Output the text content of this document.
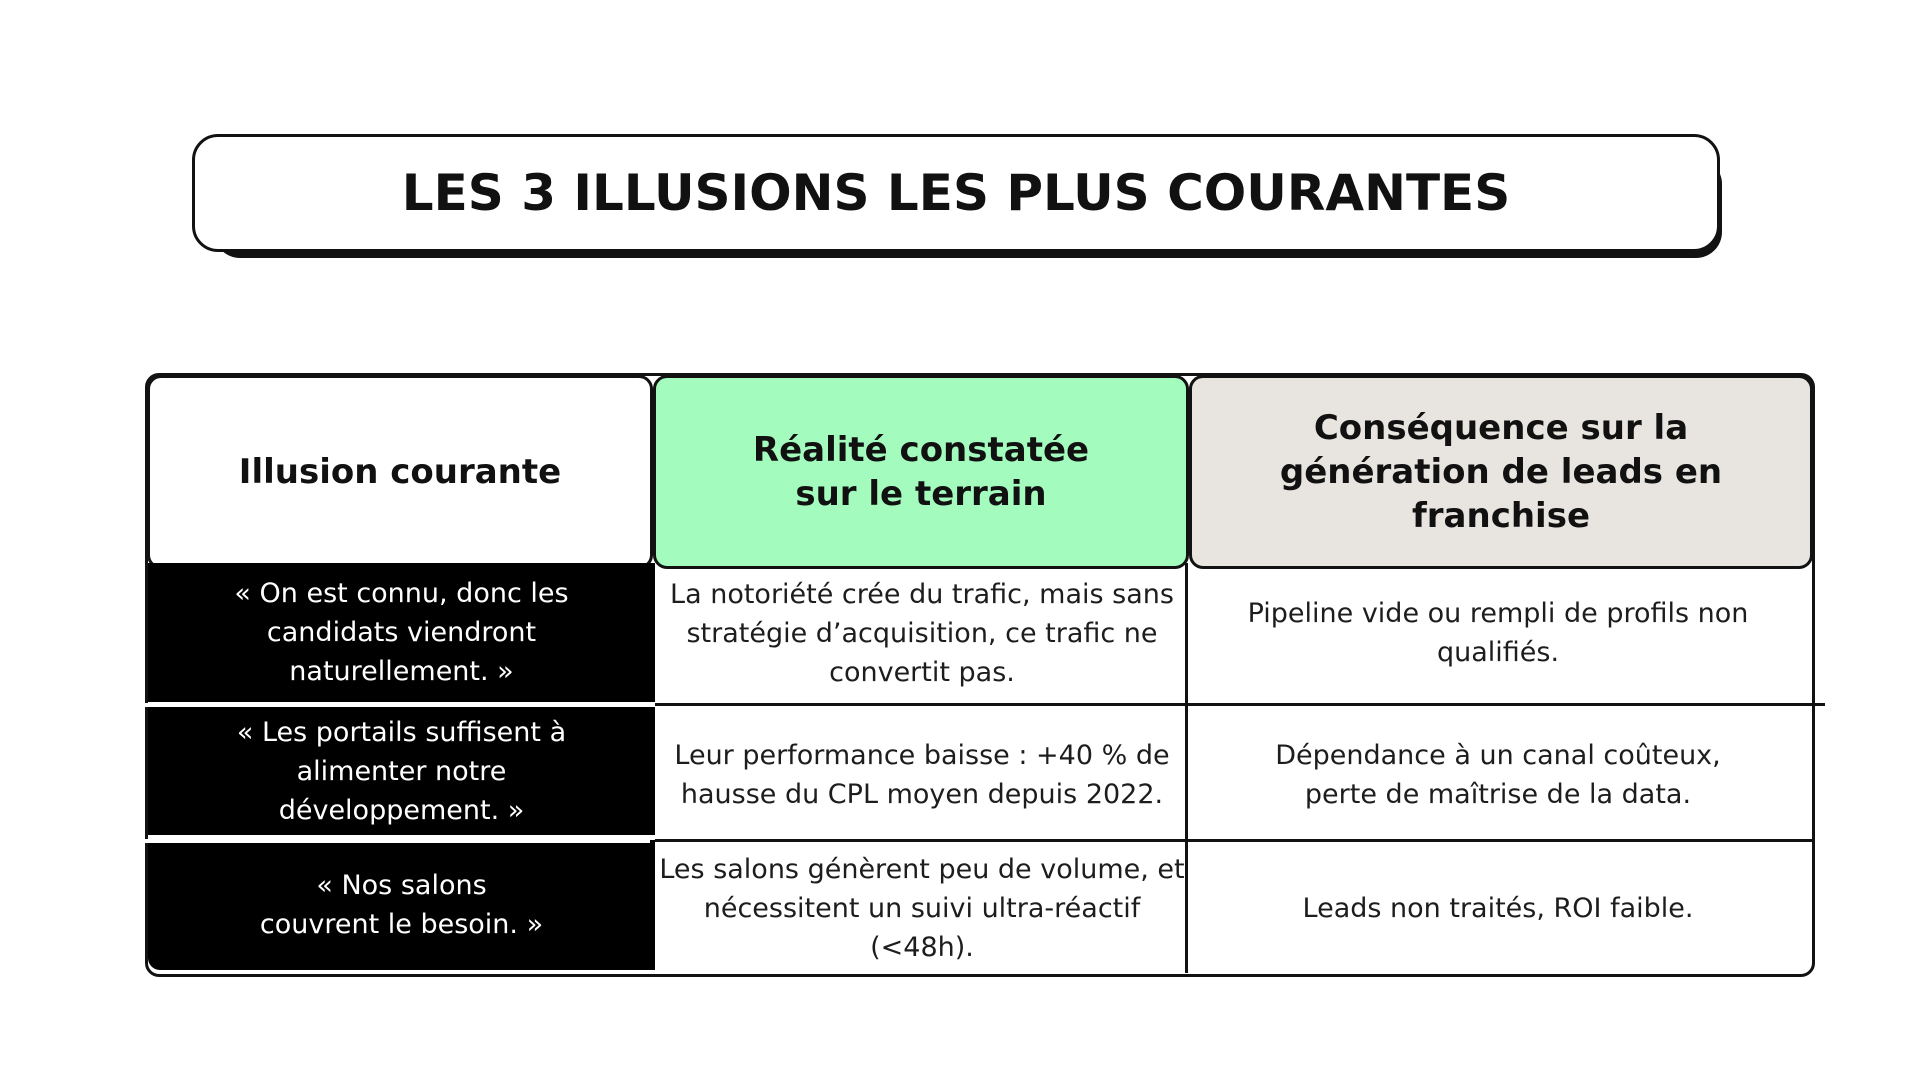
LES 3 ILLUSIONS LES PLUS COURANTES
Illusion courante
Réalité constatée
sur le terrain
Conséquence sur la
génération de leads en
franchise
« On est connu, donc les
candidats viendront
naturellement. »
« Les portails suffisent à
alimenter notre
développement. »
« Nos salons
couvrent le besoin. »
La notoriété crée du trafic, mais sans
stratégie d’acquisition, ce trafic ne
convertit pas.
Pipeline vide ou rempli de profils non
qualifiés.
Leur performance baisse : +40 % de
hausse du CPL moyen depuis 2022.
Dépendance à un canal coûteux,
perte de maîtrise de la data.
Les salons génèrent peu de volume, et
nécessitent un suivi ultra-réactif
(<48h).
Leads non traités, ROI faible.
